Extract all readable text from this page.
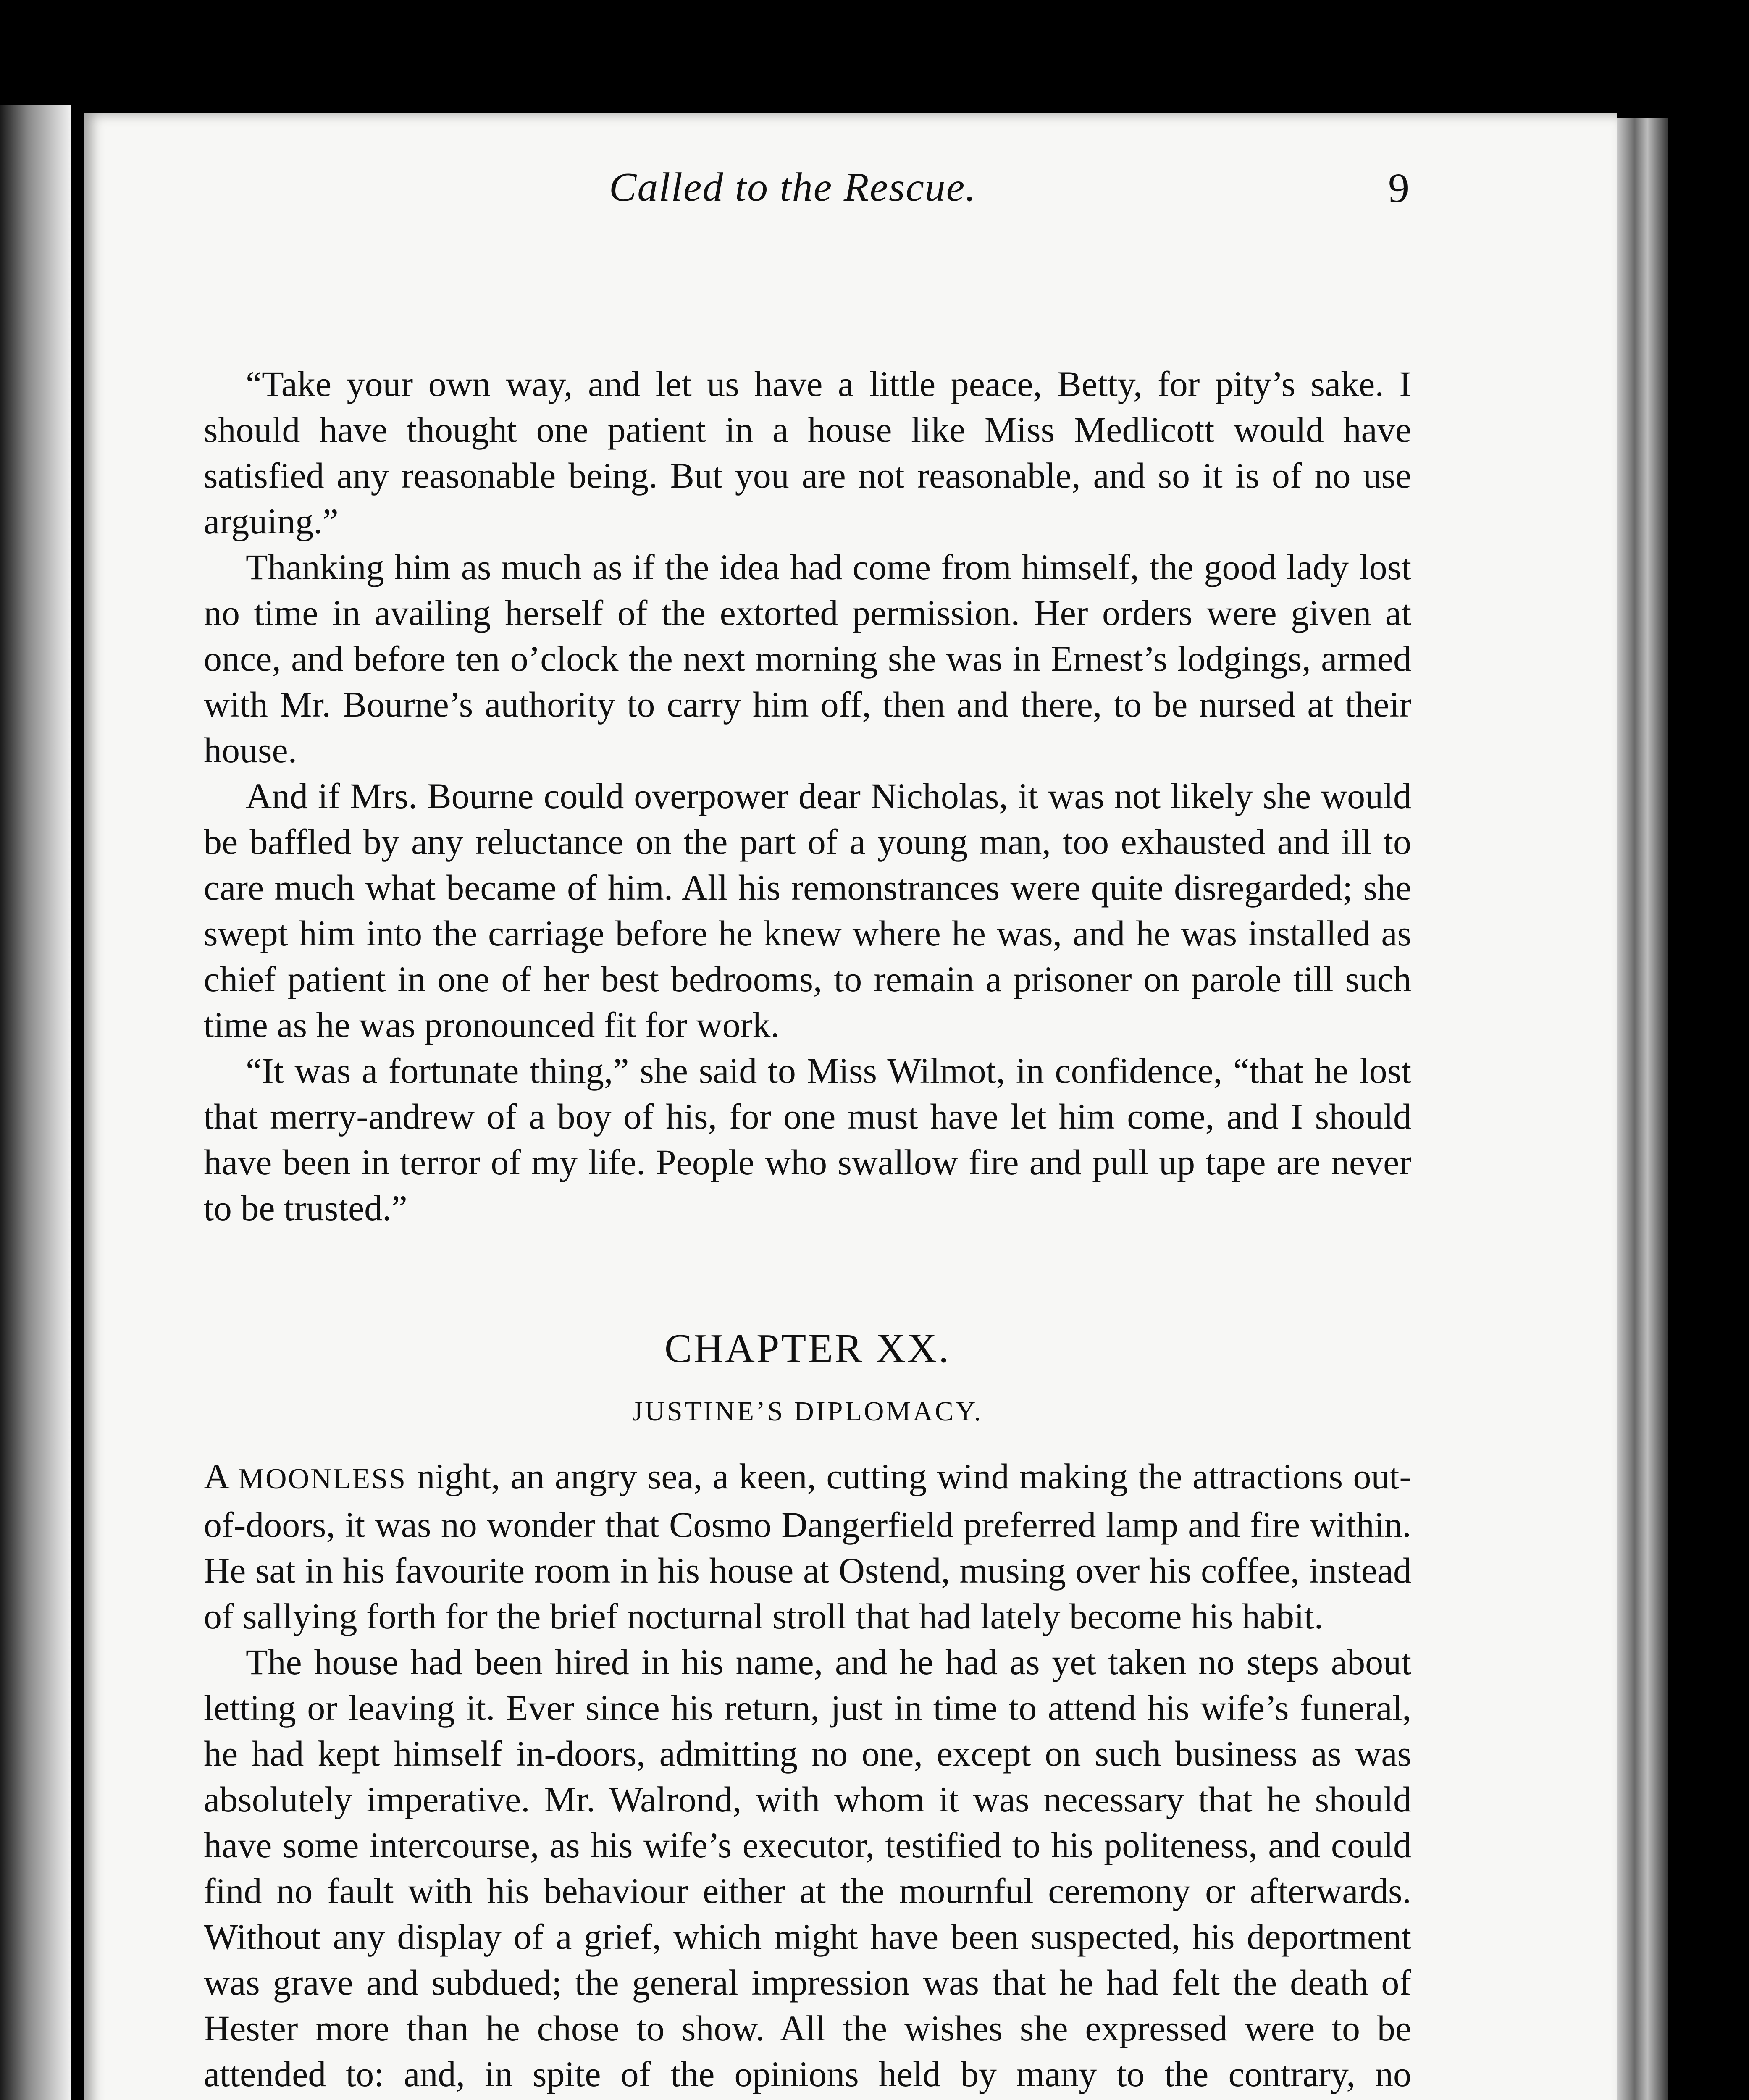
Called to the Rescue.	9

“Take your own way, and let us have a little peace, Betty, for pity’s sake. I should have thought one patient in a house like Miss Medlicott would have satisfied any reasonable being. But you are not reasonable, and so it is of no use arguing.”

Thanking him as much as if the idea had come from himself, the good lady lost no time in availing herself of the extorted permission. Her orders were given at once, and before ten o’clock the next morning she was in Ernest’s lodgings, armed with Mr. Bourne’s authority to carry him off, then and there, to be nursed at their house.

And if Mrs. Bourne could overpower dear Nicholas, it was not likely she would be baffled by any reluctance on the part of a young man, too exhausted and ill to care much what became of him. All his remonstrances were quite disregarded; she swept him into the carriage before he knew where he was, and he was installed as chief patient in one of her best bedrooms, to remain a prisoner on parole till such time as he was pronounced fit for work.

“It was a fortunate thing,” she said to Miss Wilmot, in confidence, “that he lost that merry-andrew of a boy of his, for one must have let him come, and I should have been in terror of my life. People who swallow fire and pull up tape are never to be trusted.”

CHAPTER XX.
JUSTINE’S DIPLOMACY.

A MOONLESS night, an angry sea, a keen, cutting wind making the attractions out-of-doors, it was no wonder that Cosmo Dangerfield preferred lamp and fire within. He sat in his favourite room in his house at Ostend, musing over his coffee, instead of sallying forth for the brief nocturnal stroll that had lately become his habit.

The house had been hired in his name, and he had as yet taken no steps about letting or leaving it. Ever since his return, just in time to attend his wife’s funeral, he had kept himself in-doors, admitting no one, except on such business as was absolutely imperative. Mr. Walrond, with whom it was necessary that he should have some intercourse, as his wife’s executor, testified to his politeness, and could find no fault with his behaviour either at the mournful ceremony or afterwards. Without any display of a grief, which might have been suspected, his deportment was grave and subdued; the general impression was that he had felt the death of Hester more than he chose to show. All the wishes she expressed were to be attended to: and, in spite of the opinions held by many to the contrary, no
